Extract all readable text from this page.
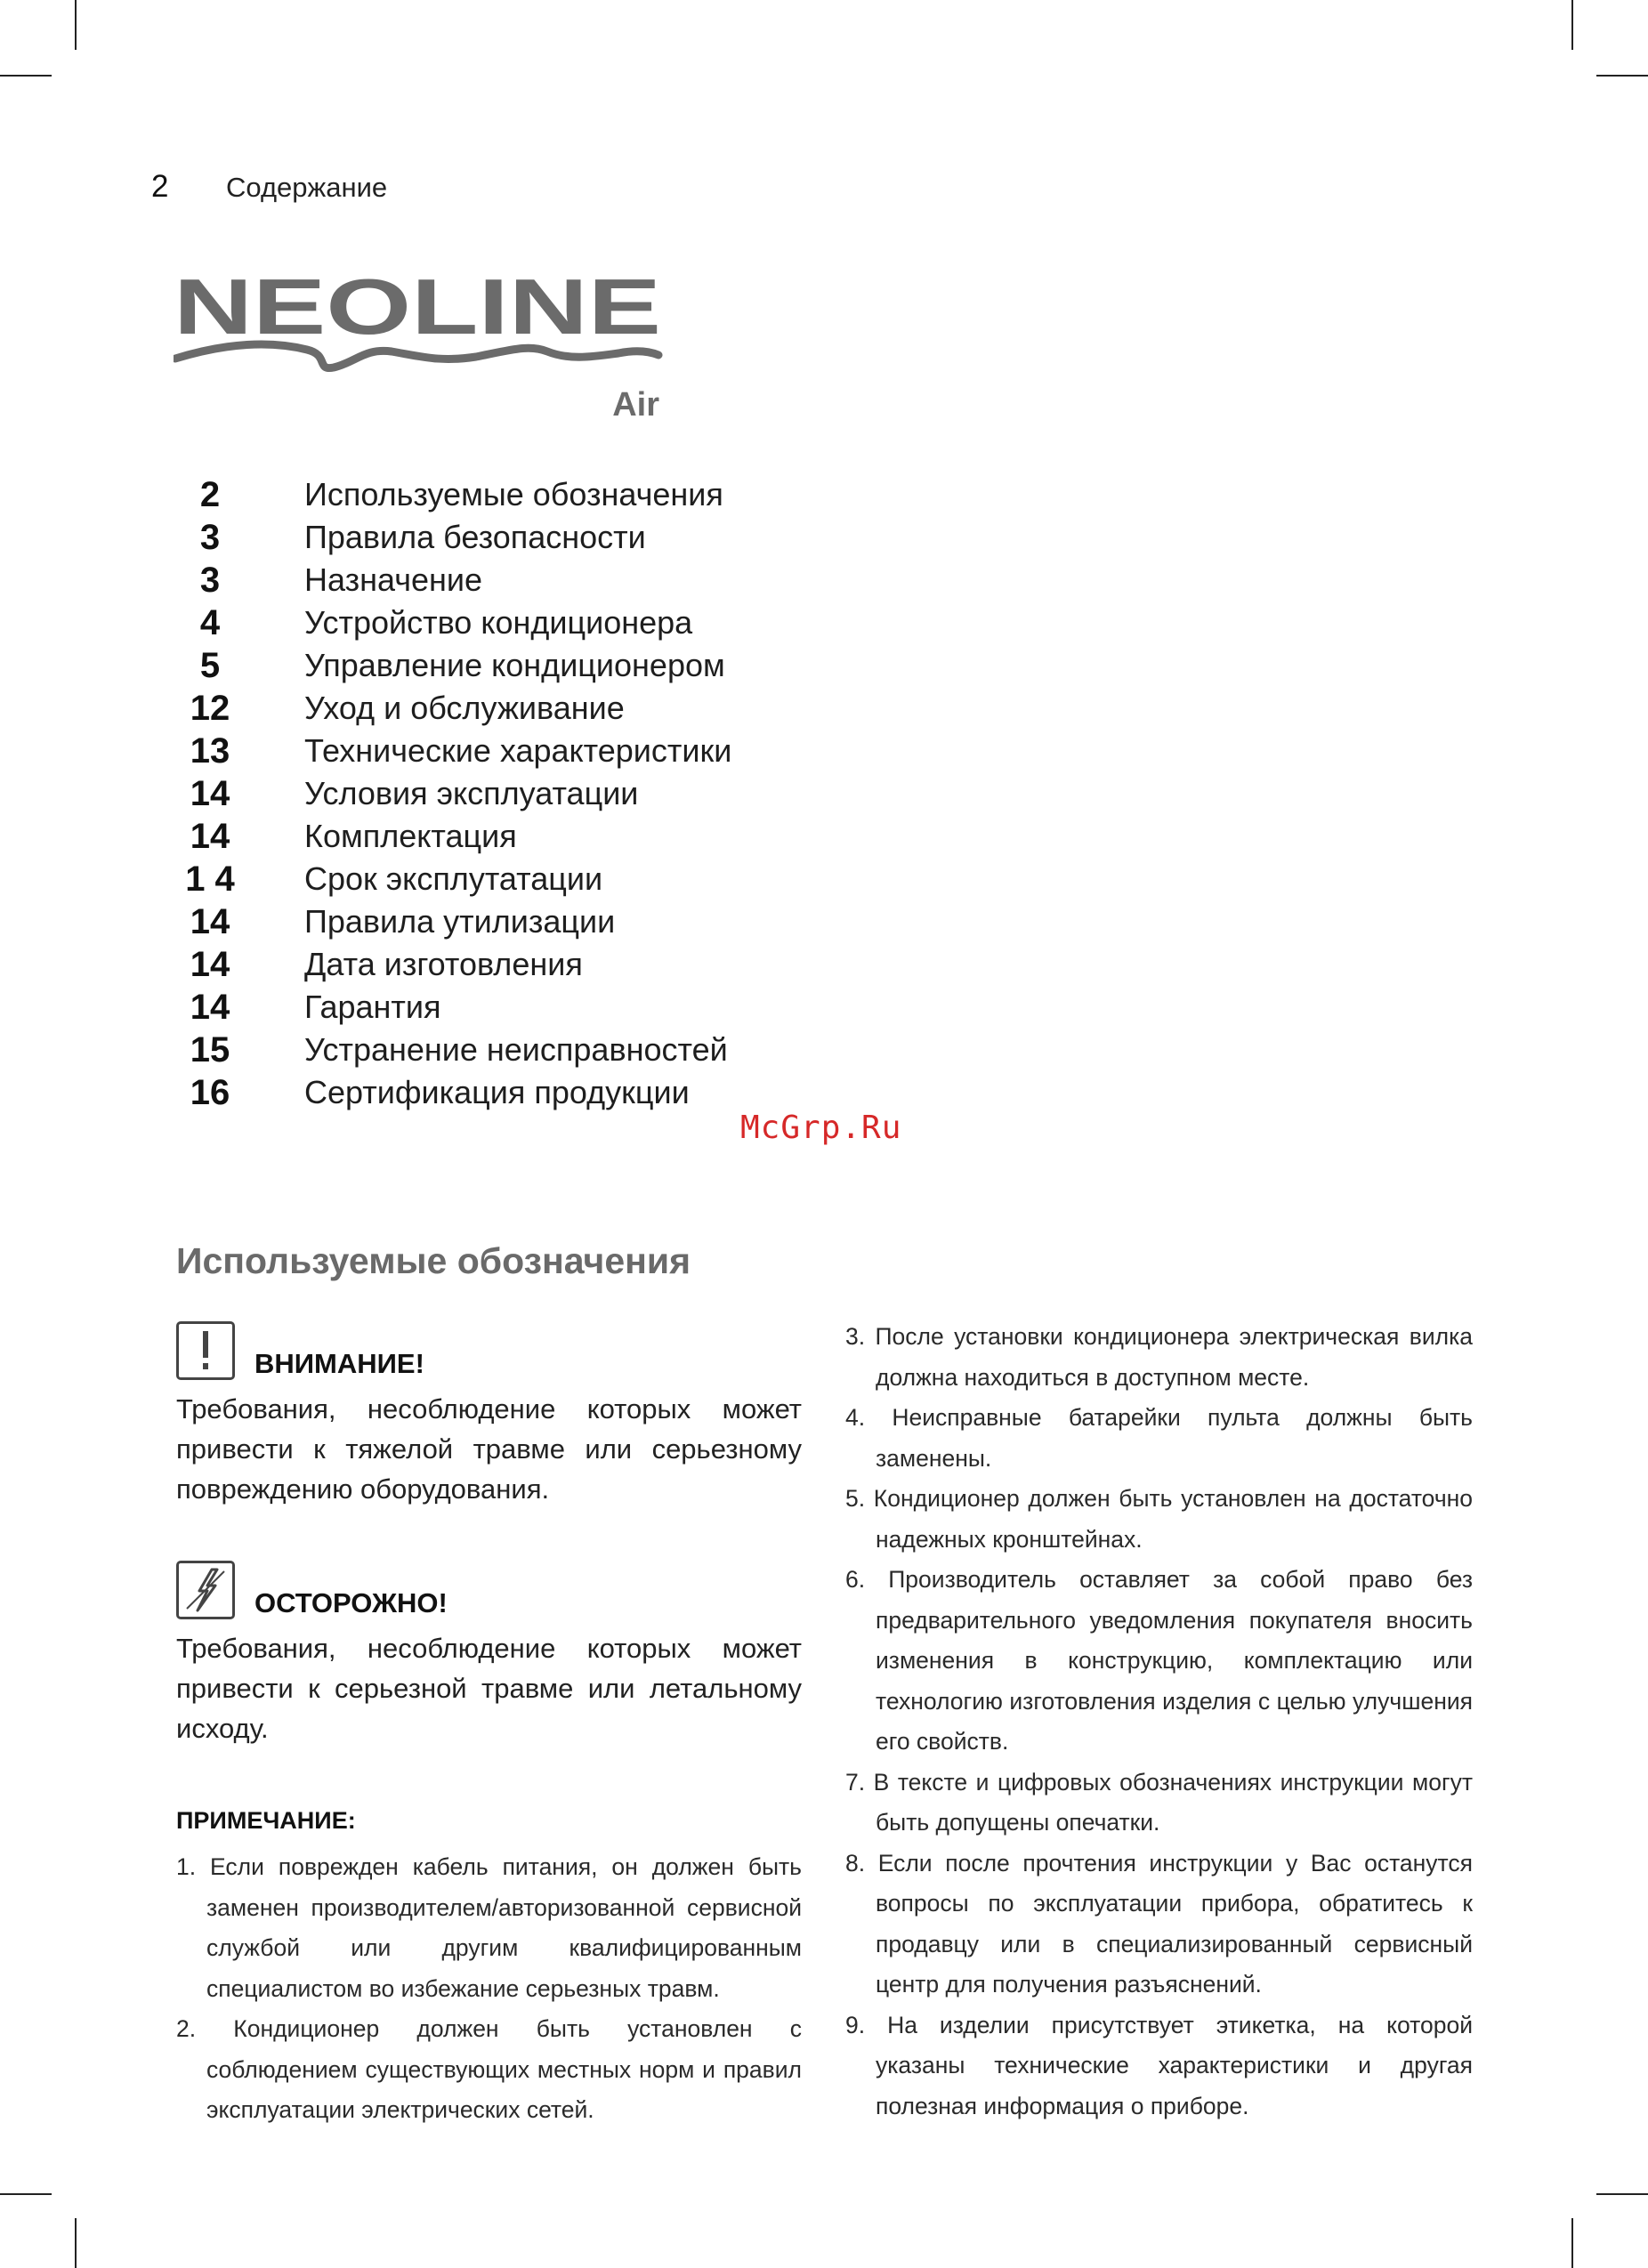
2 Содержание
NEOLINE
Air
2	Используемые обозначения
3	Правила безопасности
3	Назначение
4	Устройство кондиционера
5	Управление кондиционером
12	Уход и обслуживание
13	Технические характеристики
14	Условия эксплуатации
14	Комплектация
1 4	Срок эксплутатации
14	Правила утилизации
14	Дата изготовления
14	Гарантия
15	Устранение неисправностей
16	Сертификация продукции
McGrp.Ru
Используемые обозначения
ВНИМАНИЕ!
Требования, несоблюдение которых может привести к тяжелой травме или серьезному повреждению оборудования.
ОСТОРОЖНО!
Требования, несоблюдение которых может привести к серьезной травме или летальному исходу.
ПРИМЕЧАНИЕ:
1. Если поврежден кабель питания, он должен быть заменен производителем/авторизованной сервисной службой или другим квалифицированным специалистом во избежание серьезных травм.
2. Кондиционер должен быть установлен с соблюдением существующих местных норм и правил эксплуатации электрических сетей.
3. После установки кондиционера электрическая вилка должна находиться в доступном месте.
4. Неисправные батарейки пульта должны быть заменены.
5. Кондиционер должен быть установлен на достаточно надежных кронштейнах.
6. Производитель оставляет за собой право без предварительного уведомления покупателя вносить изменения в конструкцию, комплектацию или технологию изготовления изделия с целью улучшения его свойств.
7. В тексте и цифровых обозначениях инструкции могут быть допущены опечатки.
8. Если после прочтения инструкции у Вас останутся вопросы по эксплуатации прибора, обратитесь к продавцу или в специализированный сервисный центр для получения разъяснений.
9. На изделии присутствует этикетка, на которой указаны технические характеристики и другая полезная информация о приборе.
